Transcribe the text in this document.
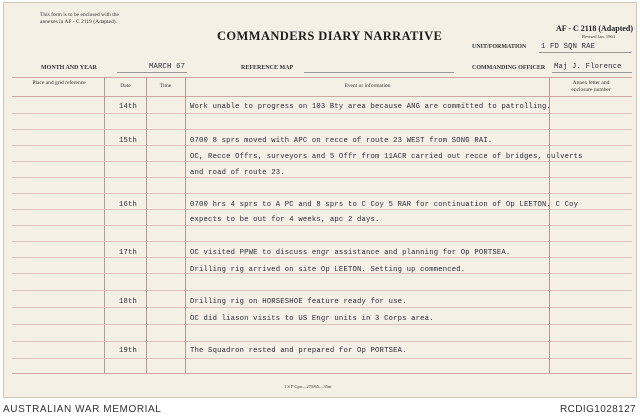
This form is to be enclosed with the
annexes in AF - C 2119 (Adapted).
COMMANDERS DIARY NARRATIVE
AF - C 2118 (Adapted)
Revised Jan. 1964
UNIT/FORMATION 1 FD SQN RAE
MONTH AND YEAR	MARCH 67	REFERENCE MAP	COMMANDING OFFICER Maj J. Florence
Place and grid reference	Date	Time	Event or information	Annex letter and
enclosure number
14th	Work unable to progress on 103 Bty area because ANG are committed to patrolling.
15th	0700 8 sprs moved with APC on recce of route 23 WEST from SONG RAI.
OC, Recce Offrs, surveyors and 5 Offr from 11ACR carried out recce of bridges, culverts
and road of route 23.
16th	0700 hrs 4 sprs to A PC and 8 sprs to C Coy 5 RAR for continuation of Op LEETON. C Coy
expects to be out for 4 weeks, apc 2 days.
17th	OC visited PPWE to discuss engr assistance and planning for Op PORTSEA.
Drilling rig arrived on site Op LEETON. Setting up commenced.
18th	Drilling rig on HORSESHOE feature ready for use.
OC did liason visits to US Engr units in 3 Corps area.
19th	The Squadron rested and prepared for Op PORTSEA.
1 S P Cpo—275/65—35m
AUSTRALIAN WAR MEMORIAL	RCDIG1028127
